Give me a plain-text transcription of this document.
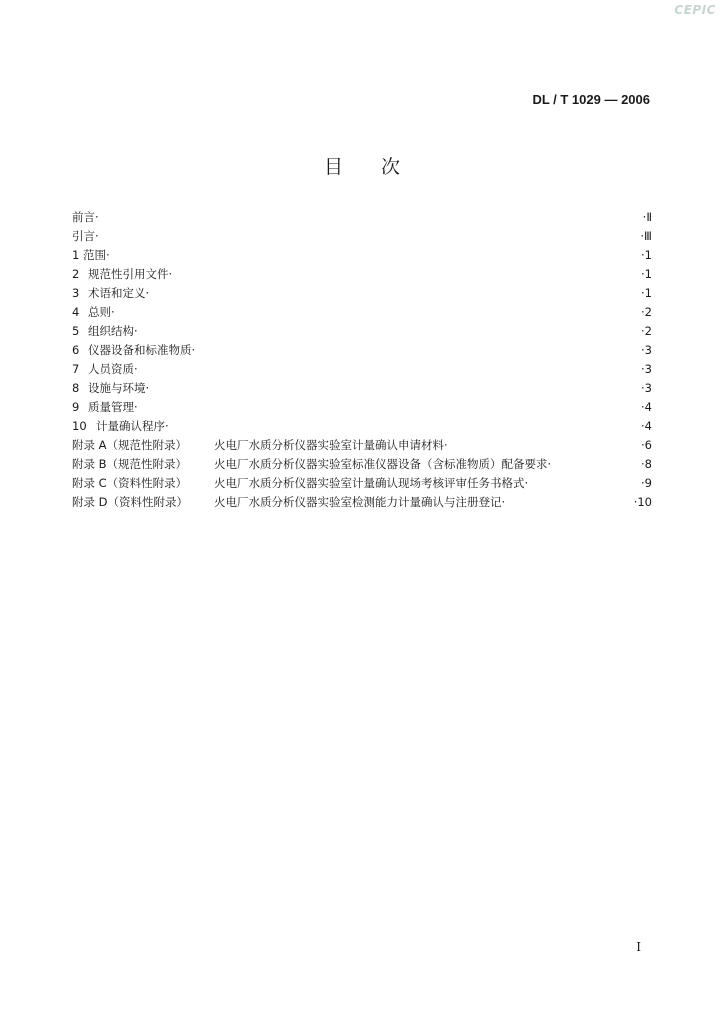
CEPIC
DL / T 1029 — 2006
目次
前言·	·Ⅱ
引言·	·Ⅲ
1 范围·	·1
2 规范性引用文件·	·1
3 术语和定义·	·1
4 总则·	·2
5 组织结构·	·2
6 仪器设备和标准物质·	·3
7 人员资质·	·3
8 设施与环境·	·3
9 质量管理·	·4
10 计量确认程序·	·4
附录 A（规范性附录）	火电厂水质分析仪器实验室计量确认申请材料·	·6
附录 B（规范性附录）	火电厂水质分析仪器实验室标准仪器设备（含标准物质）配备要求·	·8
附录 C（资料性附录）	火电厂水质分析仪器实验室计量确认现场考核评审任务书格式·	·9
附录 D（资料性附录）	火电厂水质分析仪器实验室检测能力计量确认与注册登记·	·10
I
